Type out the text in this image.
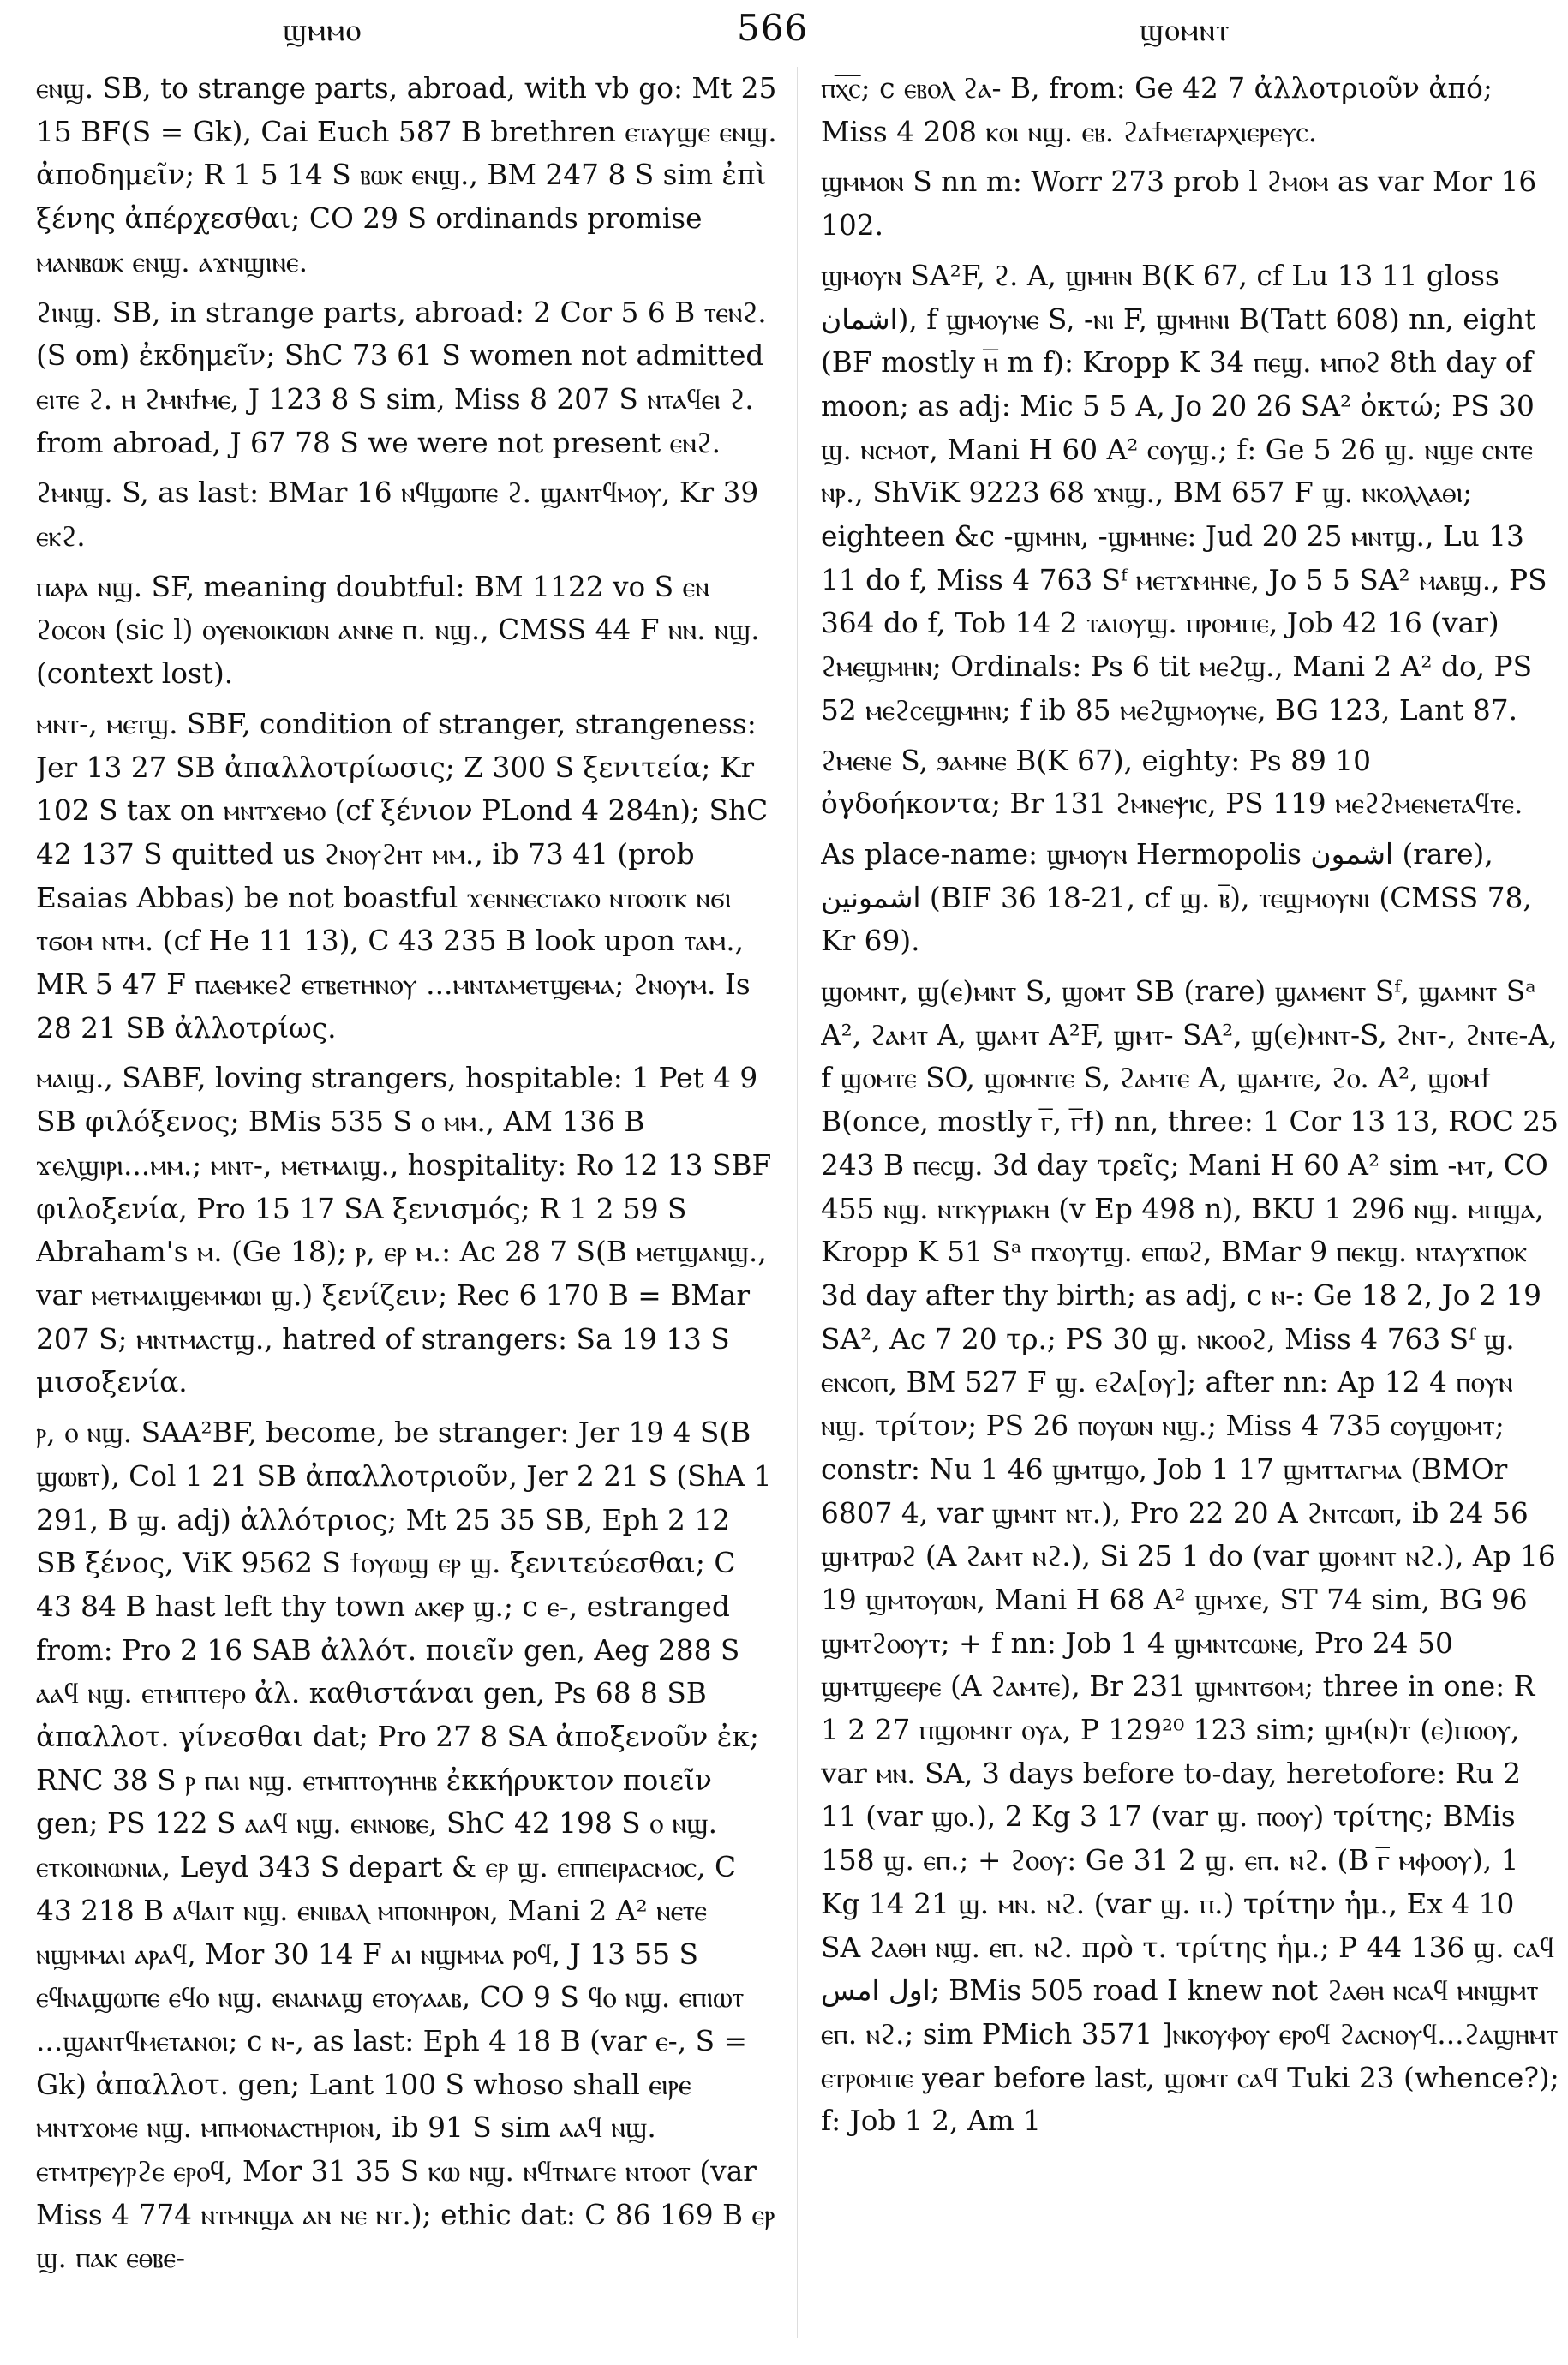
ϣⲙⲙⲟ	566	ϣⲟⲙⲛⲧ

ⲉⲛϣ. SB, to strange parts, abroad, with vb go: Mt 25 15 BF(S = Gk), Cai Euch 587 B brethren ⲉⲧⲁⲩϣⲉ ⲉⲛϣ. ἀποδημεῖν; R 1 5 14 S ⲃⲱⲕ ⲉⲛϣ., BM 247 8 S sim ἐπὶ ξένης ἀπέρχεσθαι; CO 29 S ordinands promise ⲙⲁⲛⲃⲱⲕ ⲉⲛϣ. ⲁϫⲛϣⲓⲛⲉ.

ϩⲓⲛϣ. SB, in strange parts, abroad: 2 Cor 5 6 B ⲧⲉⲛϩ. (S om) ἐκδημεῖν; ShC 73 61 S women not admitted ⲉⲓⲧⲉ ϩ. ⲏ ϩⲙⲛϯⲙⲉ, J 123 8 S sim, Miss 8 207 S ⲛⲧⲁϥⲉⲓ ϩ. from abroad, J 67 78 S we were not present ⲉⲛϩ.

ϩⲙⲛϣ. S, as last: BMar 16 ⲛϥϣⲱⲡⲉ ϩ. ϣⲁⲛⲧϥⲙⲟⲩ, Kr 39 ⲉⲕϩ.

ⲡⲁⲣⲁ ⲛϣ. SF, meaning doubtful: BM 1122 vo S ⲉⲛ ϩⲟⲥⲟⲛ (sic l) ⲟⲩⲉⲛⲟⲓⲕⲓⲱⲛ ⲁⲛⲛⲉ ⲡ. ⲛϣ., CMSS 44 F ⲛⲛ. ⲛϣ. (context lost).

ⲙⲛⲧ-, ⲙⲉⲧϣ. SBF, condition of stranger, strangeness: Jer 13 27 SB ἀπαλλοτρίωσις; Z 300 S ξενιτεία; Kr 102 S tax on ⲙⲛⲧϫⲉⲙⲟ (cf ξένιον PLond 4 284n); ShC 42 137 S quitted us ϩⲛⲟⲩϩⲏⲧ ⲙⲙ., ib 73 41 (prob Esaias Abbas) be not boastful ϫⲉⲛⲛⲉⲥⲧⲁⲕⲟ ⲛⲧⲟⲟⲧⲕ ⲛϭⲓ ⲧϭⲟⲙ ⲛⲧⲙ. (cf He 11 13), C 43 235 B look upon ⲧⲁⲙ., MR 5 47 F ⲡⲁⲉⲙⲕⲉϩ ⲉⲧⲃⲉⲧⲏⲛⲟⲩ ...ⲙⲛⲧⲁⲙⲉⲧϣⲉⲙⲁ; ϩⲛⲟⲩⲙ. Is 28 21 SB ἀλλοτρίως.

ⲙⲁⲓϣ., SABF, loving strangers, hospitable: 1 Pet 4 9 SB φιλόξενος; BMis 535 S ⲟ ⲙⲙ., AM 136 B ϫⲉⲗϣⲓⲣⲓ...ⲙⲙ.; ⲙⲛⲧ-, ⲙⲉⲧⲙⲁⲓϣ., hospitality: Ro 12 13 SBF φιλοξενία, Pro 15 17 SA ξενισμός; R 1 2 59 S Abraham's ⲙ. (Ge 18); ⲣ, ⲉⲣ ⲙ.: Ac 28 7 S(B ⲙⲉⲧϣⲁⲛϣ., var ⲙⲉⲧⲙⲁⲓϣⲉⲙⲙⲱⲓ ϣ.) ξενίζειν; Rec 6 170 B = BMar 207 S; ⲙⲛⲧⲙⲁⲥⲧϣ., hatred of strangers: Sa 19 13 S μισοξενία.

ⲣ, ⲟ ⲛϣ. SAA²BF, become, be stranger: Jer 19 4 S(B ϣⲱⲃⲧ), Col 1 21 SB ἀπαλλοτριοῦν, Jer 2 21 S (ShA 1 291, B ϣ. adj) ἀλλότριος; Mt 25 35 SB, Eph 2 12 SB ξένος, ViK 9562 S ϯⲟⲩⲱϣ ⲉⲣ ϣ. ξενιτεύεσθαι; C 43 84 B hast left thy town ⲁⲕⲉⲣ ϣ.; ϲ ⲉ-, estranged from: Pro 2 16 SAB ἀλλότ. ποιεῖν gen, Aeg 288 S ⲁⲁϥ ⲛϣ. ⲉⲧⲙⲡⲧⲉⲣⲟ ἀλ. καθιστάναι gen, Ps 68 8 SB ἀπαλλοτ. γίνεσθαι dat; Pro 27 8 SA ἀποξενοῦν ἐκ; RNC 38 S ⲣ ⲡⲁⲓ ⲛϣ. ⲉⲧⲙⲡⲧⲟⲩⲏⲏⲃ ἐκκήρυκτον ποιεῖν gen; PS 122 S ⲁⲁϥ ⲛϣ. ⲉⲛⲛⲟⲃⲉ, ShC 42 198 S ⲟ ⲛϣ. ⲉⲧⲕⲟⲓⲛⲱⲛⲓⲁ, Leyd 343 S depart & ⲉⲣ ϣ. ⲉⲡⲡⲉⲓⲣⲁⲥⲙⲟⲥ, C 43 218 B ⲁϥⲁⲓⲧ ⲛϣ. ⲉⲛⲓⲃⲁⲗ ⲙⲡⲟⲛⲏⲣⲟⲛ, Mani 2 A² ⲛⲉⲧⲉ ⲛϣⲙⲙⲁⲓ ⲁⲣⲁϥ, Mor 30 14 F ⲁⲓ ⲛϣⲙⲙⲁ ⲣⲟϥ, J 13 55 S ⲉϥⲛⲁϣⲱⲡⲉ ⲉϥⲟ ⲛϣ. ⲉⲛⲁⲛⲁϣ ⲉⲧⲟⲩⲁⲁⲃ, CO 9 S ϥⲟ ⲛϣ. ⲉⲡⲓⲱⲧ ...ϣⲁⲛⲧϥⲙⲉⲧⲁⲛⲟⲓ; ϲ ⲛ-, as last: Eph 4 18 B (var ⲉ-, S = Gk) ἀπαλλοτ. gen; Lant 100 S whoso shall ⲉⲓⲣⲉ ⲙⲛⲧϫⲟⲙⲉ ⲛϣ. ⲙⲡⲙⲟⲛⲁⲥⲧⲏⲣⲓⲟⲛ, ib 91 S sim ⲁⲁϥ ⲛϣ. ⲉⲧⲙⲧⲣⲉⲩⲣϩⲉ ⲉⲣⲟϥ, Mor 31 35 S ⲕⲱ ⲛϣ. ⲛϥⲧⲛⲁⲅⲉ ⲛⲧⲟⲟⲧ (var Miss 4 774 ⲛⲧⲙⲛϣⲁ ⲁⲛ ⲛⲉ ⲛⲧ.); ethic dat: C 86 169 B ⲉⲣ ϣ. ⲡⲁⲕ ⲉⲑⲃⲉ-

ⲡⲭ̅ⲥ̅; ϲ ⲉⲃⲟⲗ ϩⲁ- B, from: Ge 42 7 ἀλλοτριοῦν ἀπό; Miss 4 208 ⲕⲟⲓ ⲛϣ. ⲉⲃ. ϩⲁϯⲙⲉⲧⲁⲣⲭⲓⲉⲣⲉⲩⲥ.

ϣⲙⲙⲟⲛ S nn m: Worr 273 prob l ϩⲙⲟⲙ as var Mor 16 102.

ϣⲙⲟⲩⲛ SA²F, ϩ. A, ϣⲙⲏⲛ B(K 67, cf Lu 13 11 gloss اشمان), f ϣⲙⲟⲩⲛⲉ S, -ⲛⲓ F, ϣⲙⲏⲛⲓ B(Tatt 608) nn, eight (BF mostly ⲏ̅ m f): Kropp K 34 ⲡⲉϣ. ⲙⲡⲟϩ 8th day of moon; as adj: Mic 5 5 A, Jo 20 26 SA² ὀκτώ; PS 30 ϣ. ⲛⲥⲙⲟⲧ, Mani H 60 A² ⲥⲟⲩϣ.; f: Ge 5 26 ϣ. ⲛϣⲉ ⲥⲛⲧⲉ ⲛⲣ., ShViK 9223 68 ϫⲛϣ., BM 657 F ϣ. ⲛⲕⲟⲗⲗⲁⲑⲓ; eighteen &c -ϣⲙⲏⲛ, -ϣⲙⲏⲛⲉ: Jud 20 25 ⲙⲛⲧϣ., Lu 13 11 do f, Miss 4 763 Sᶠ ⲙⲉⲧϫⲙⲏⲛⲉ, Jo 5 5 SA² ⲙⲁⲃϣ., PS 364 do f, Tob 14 2 ⲧⲁⲓⲟⲩϣ. ⲡⲣⲟⲙⲡⲉ, Job 42 16 (var) ϩⲙⲉϣⲙⲏⲛ; Ordinals: Ps 6 tit ⲙⲉϩϣ., Mani 2 A² do, PS 52 ⲙⲉϩⲥⲉϣⲙⲏⲛ; f ib 85 ⲙⲉϩϣⲙⲟⲩⲛⲉ, BG 123, Lant 87.

ϩⲙⲉⲛⲉ S, ϧⲁⲙⲛⲉ B(K 67), eighty: Ps 89 10 ὀγδοήκοντα; Br 131 ϩⲙⲛⲉⲯⲓⲥ, PS 119 ⲙⲉϩϩⲙⲉⲛⲉⲧⲁϥⲧⲉ.

As place-name: ϣⲙⲟⲩⲛ Hermopolis اشمون (rare), اشمونين (BIF 36 18-21, cf ϣ. ⲃ̅), ⲧⲉϣⲙⲟⲩⲛⲓ (CMSS 78, Kr 69).

ϣⲟⲙⲛⲧ, ϣ(ⲉ)ⲙⲛⲧ S, ϣⲟⲙⲧ SB (rare) ϣⲁⲙⲉⲛⲧ Sᶠ, ϣⲁⲙⲛⲧ Sᵃ A², ϩⲁⲙⲧ A, ϣⲁⲙⲧ A²F, ϣⲙⲧ- SA², ϣ(ⲉ)ⲙⲛⲧ-S, ϩⲛⲧ-, ϩⲛⲧⲉ-A, f ϣⲟⲙⲧⲉ SO, ϣⲟⲙⲛⲧⲉ S, ϩⲁⲙⲧⲉ A, ϣⲁⲙⲧⲉ, ϩⲟ. A², ϣⲟⲙϯ B(once, mostly ⲅ̅, ⲅ̅ϯ) nn, three: 1 Cor 13 13, ROC 25 243 B ⲡⲉⲥϣ. 3d day τρεῖς; Mani H 60 A² sim -ⲙⲧ, CO 455 ⲛϣ. ⲛⲧⲕⲩⲣⲓⲁⲕⲏ (v Ep 498 n), BKU 1 296 ⲛϣ. ⲙⲡϣⲁ, Kropp K 51 Sᵃ ⲡϫⲟⲩⲧϣ. ⲉⲡⲱϩ, BMar 9 ⲡⲉⲕϣ. ⲛⲧⲁⲩϫⲡⲟⲕ 3d day after thy birth; as adj, ϲ ⲛ-: Ge 18 2, Jo 2 19 SA², Ac 7 20 τρ.; PS 30 ϣ. ⲛⲕⲟⲟϩ, Miss 4 763 Sᶠ ϣ. ⲉⲛⲥⲟⲡ, BM 527 F ϣ. ⲉϩⲁ[ⲟⲩ]; after nn: Ap 12 4 ⲡⲟⲩⲛ ⲛϣ. τρίτον; PS 26 ⲡⲟⲩⲱⲛ ⲛϣ.; Miss 4 735 ⲥⲟⲩϣⲟⲙⲧ; constr: Nu 1 46 ϣⲙⲧϣⲟ, Job 1 17 ϣⲙⲧⲧⲁⲅⲙⲁ (BMOr 6807 4, var ϣⲙⲛⲧ ⲛⲧ.), Pro 22 20 A ϩⲛⲧⲥⲱⲡ, ib 24 56 ϣⲙⲧⲣⲱϩ (A ϩⲁⲙⲧ ⲛϩ.), Si 25 1 do (var ϣⲟⲙⲛⲧ ⲛϩ.), Ap 16 19 ϣⲙⲧⲟⲩⲱⲛ, Mani H 68 A² ϣⲙϫⲉ, ST 74 sim, BG 96 ϣⲙⲧϩⲟⲟⲩⲧ; + f nn: Job 1 4 ϣⲙⲛⲧⲥⲱⲛⲉ, Pro 24 50 ϣⲙⲧϣⲉⲉⲣⲉ (A ϩⲁⲙⲧⲉ), Br 231 ϣⲙⲛⲧϭⲟⲙ; three in one: R 1 2 27 ⲡϣⲟⲙⲛⲧ ⲟⲩⲁ, P 129²⁰ 123 sim; ϣⲙ(ⲛ)ⲧ (ⲉ)ⲡⲟⲟⲩ, var ⲙⲛ. SA, 3 days before to-day, heretofore: Ru 2 11 (var ϣⲟ.), 2 Kg 3 17 (var ϣ. ⲡⲟⲟⲩ) τρίτης; BMis 158 ϣ. ⲉⲡ.; + ϩⲟⲟⲩ: Ge 31 2 ϣ. ⲉⲡ. ⲛϩ. (B ⲅ̅ ⲙⲫⲟⲟⲩ), 1 Kg 14 21 ϣ. ⲙⲛ. ⲛϩ. (var ϣ. ⲡ.) τρίτην ἡμ., Ex 4 10 SA ϩⲁⲑⲏ ⲛϣ. ⲉⲡ. ⲛϩ. πρὸ τ. τρίτης ἡμ.; P 44 136 ϣ. ⲥⲁϥ اول امس; BMis 505 road I knew not ϩⲁⲑⲏ ⲛⲥⲁϥ ⲙⲛϣⲙⲧ ⲉⲡ. ⲛϩ.; sim PMich 3571 ]ⲛⲕⲟⲩⲫⲟⲩ ⲉⲣⲟϥ ϩⲁⲥⲛⲟⲩϥ...ϩⲁϣⲏⲙⲧ ⲉⲧⲣⲟⲙⲡⲉ year before last, ϣⲟⲙⲧ ⲥⲁϥ Tuki 23 (whence?); f: Job 1 2, Am 1
